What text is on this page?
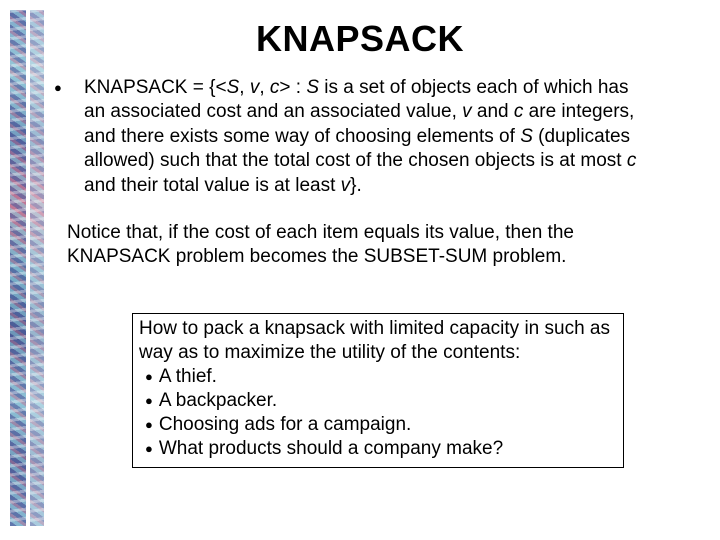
KNAPSACK
● KNAPSACK = {<S, v, c> : S is a set of objects each of which has an associated cost and an associated value, v and c are integers, and there exists some way of choosing elements of S (duplicates allowed) such that the total cost of the chosen objects is at most c and their total value is at least v}.

Notice that, if the cost of each item equals its value, then the KNAPSACK problem becomes the SUBSET-SUM problem.

How to pack a knapsack with limited capacity in such as way as to maximize the utility of the contents:

● A thief.
● A backpacker.
● Choosing ads for a campaign.
● What products should a company make?
